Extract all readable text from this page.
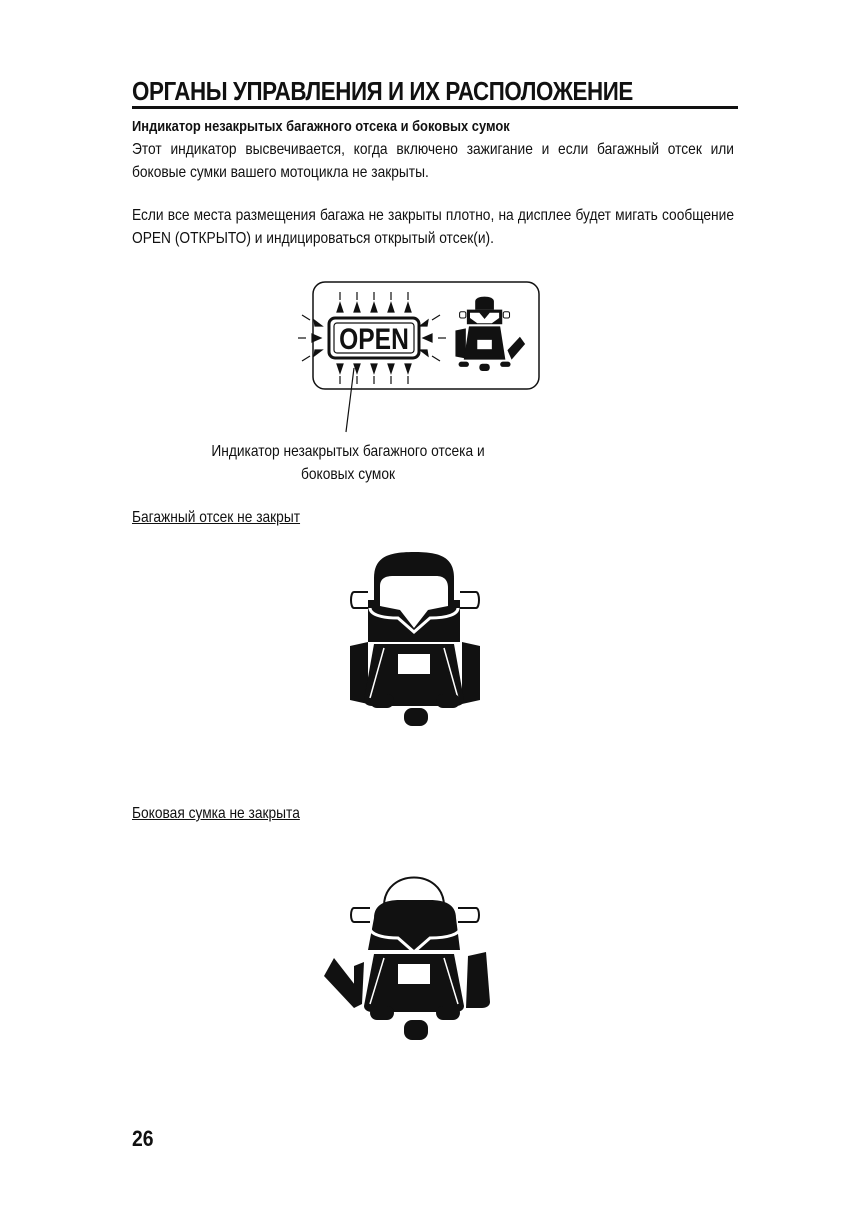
ОРГАНЫ УПРАВЛЕНИЯ И ИХ РАСПОЛОЖЕНИЕ
Индикатор незакрытых багажного отсека и боковых сумок
Этот индикатор высвечивается, когда включено зажигание и если багажный отсек или боковые сумки вашего мотоцикла не закрыты.
Если все места размещения багажа не закрыты плотно, на дисплее будет мигать сообщение OPEN (ОТКРЫТО) и индицироваться открытый отсек(и).
OPEN
Индикатор незакрытых багажного отсека и
боковых сумок
Багажный отсек не закрыт
Боковая сумка не закрыта
26
